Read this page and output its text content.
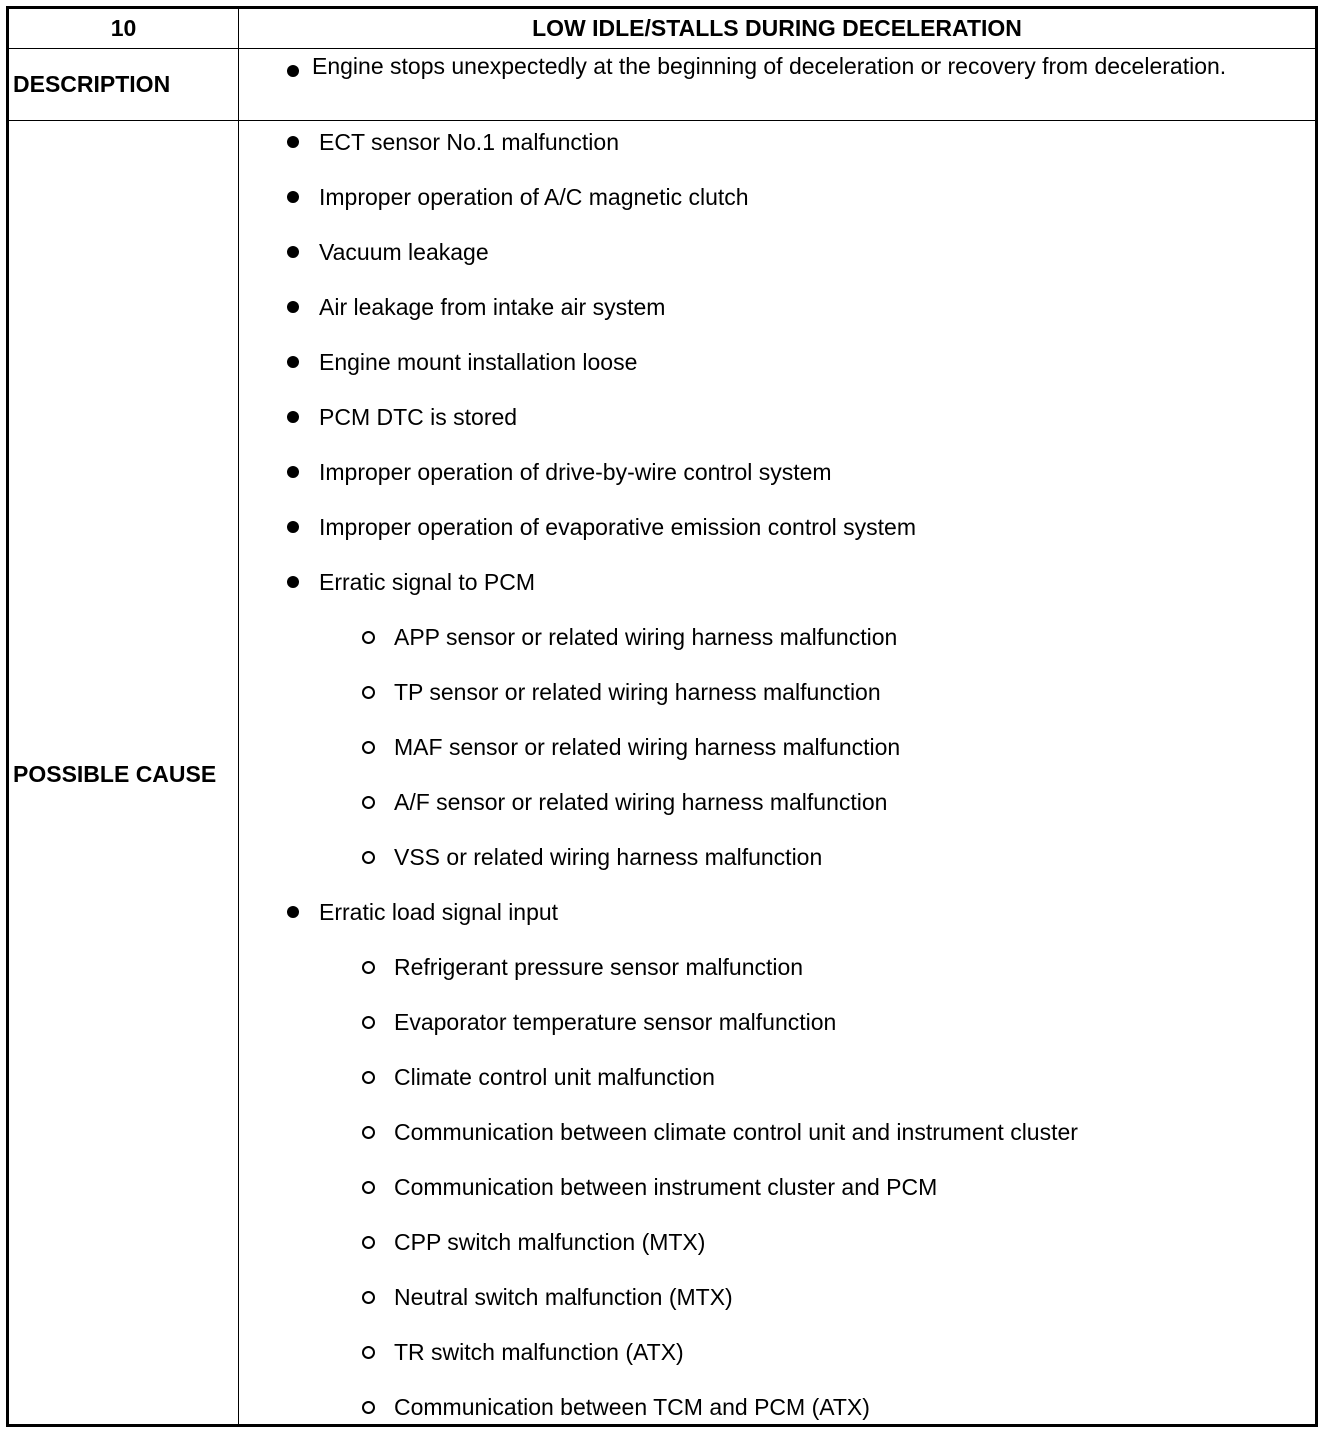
10	LOW IDLE/STALLS DURING DECELERATION
DESCRIPTION
Engine stops unexpectedly at the beginning of deceleration or recovery from deceleration.
POSSIBLE CAUSE
ECT sensor No.1 malfunction
Improper operation of A/C magnetic clutch
Vacuum leakage
Air leakage from intake air system
Engine mount installation loose
PCM DTC is stored
Improper operation of drive-by-wire control system
Improper operation of evaporative emission control system
Erratic signal to PCM
APP sensor or related wiring harness malfunction
TP sensor or related wiring harness malfunction
MAF sensor or related wiring harness malfunction
A/F sensor or related wiring harness malfunction
VSS or related wiring harness malfunction
Erratic load signal input
Refrigerant pressure sensor malfunction
Evaporator temperature sensor malfunction
Climate control unit malfunction
Communication between climate control unit and instrument cluster
Communication between instrument cluster and PCM
CPP switch malfunction (MTX)
Neutral switch malfunction (MTX)
TR switch malfunction (ATX)
Communication between TCM and PCM (ATX)
